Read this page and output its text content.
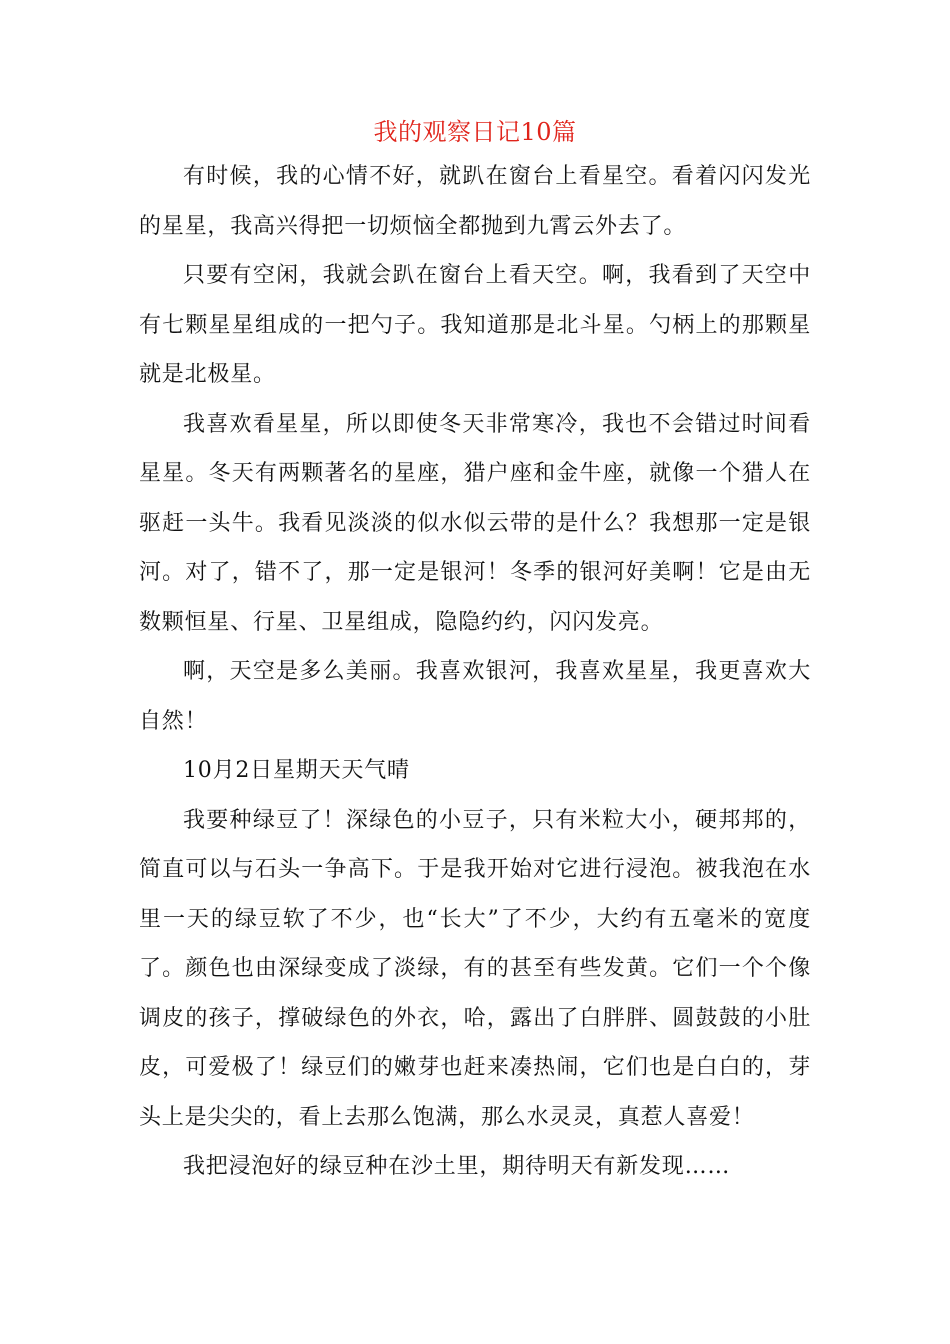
我的观察日记10篇

有时候，我的心情不好，就趴在窗台上看星空。看着闪闪发光的星星，我高兴得把一切烦恼全都抛到九霄云外去了。

只要有空闲，我就会趴在窗台上看天空。啊，我看到了天空中有七颗星星组成的一把勺子。我知道那是北斗星。勺柄上的那颗星就是北极星。

我喜欢看星星，所以即使冬天非常寒冷，我也不会错过时间看星星。冬天有两颗著名的星座，猎户座和金牛座，就像一个猎人在驱赶一头牛。我看见淡淡的似水似云带的是什么？我想那一定是银河。对了，错不了，那一定是银河！冬季的银河好美啊！它是由无数颗恒星、行星、卫星组成，隐隐约约，闪闪发亮。

啊，天空是多么美丽。我喜欢银河，我喜欢星星，我更喜欢大自然！

10月2日星期天天气晴

我要种绿豆了！深绿色的小豆子，只有米粒大小，硬邦邦的，简直可以与石头一争高下。于是我开始对它进行浸泡。被我泡在水里一天的绿豆软了不少，也“长大”了不少，大约有五毫米的宽度了。颜色也由深绿变成了淡绿，有的甚至有些发黄。它们一个个像调皮的孩子，撑破绿色的外衣，哈，露出了白胖胖、圆鼓鼓的小肚皮，可爱极了！绿豆们的嫩芽也赶来凑热闹，它们也是白白的，芽头上是尖尖的，看上去那么饱满，那么水灵灵，真惹人喜爱！

我把浸泡好的绿豆种在沙土里，期待明天有新发现……
